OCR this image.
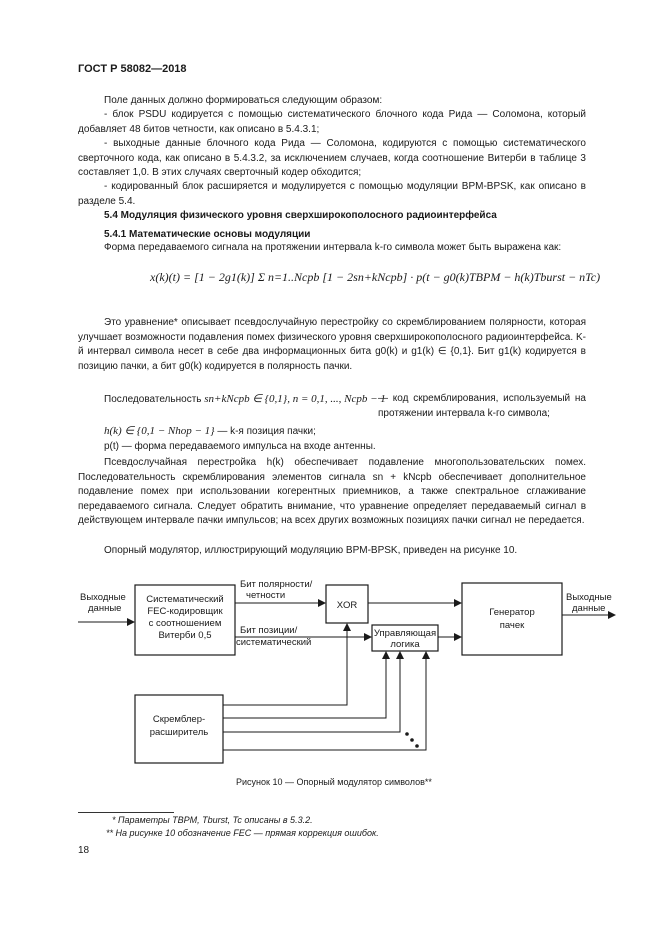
ГОСТ Р 58082—2018
Поле данных должно формироваться следующим образом:
- блок PSDU кодируется с помощью систематического блочного кода Рида — Соломона, который добавляет 48 битов четности, как описано в 5.4.3.1;
- выходные данные блочного кода Рида — Соломона, кодируются с помощью систематического сверточного кода, как описано в 5.4.3.2, за исключением случаев, когда соотношение Витерби в таблице 3 составляет 1,0. В этих случаях сверточный кодер обходится;
- кодированный блок расширяется и модулируется с помощью модуляции BPM-BPSK, как описано в разделе 5.4.
5.4 Модуляция физического уровня сверхширокополосного радиоинтерфейса
5.4.1 Математические основы модуляции
Форма передаваемого сигнала на протяжении интервала k-го символа может быть выражена как:
x(k)(t) = [1 − 2g1(k)] Σ n=1..Ncpb [1 − 2sn+kNcpb] · p(t − g0(k)TBPM − h(k)Tburst − nTc)
Это уравнение* описывает псевдослучайную перестройку со скремблированием полярности, которая улучшает возможности подавления помех физического уровня сверхширокополосного радиоинтерфейса. K-й интервал символа несет в себе два информационных бита g0(k) и g1(k) ∈ {0,1}. Бит g1(k) кодируется в позицию пачки, а бит g0(k) кодируется в полярность пачки.
Последовательность sn+kNcpb ∈ {0,1}, n = 0,1, ..., Ncpb − 1
— код скремблирования, используемый на протяжении интервала k-го символа;
h(k) ∈ {0,1 − Nhop − 1} — k-я позиция пачки;
p(t) — форма передаваемого импульса на входе антенны.
Псевдослучайная перестройка h(k) обеспечивает подавление многопользовательских помех. Последовательность скремблирования элементов сигнала sn + kNcpb обеспечивает дополнительное подавление помех при использовании когерентных приемников, а также спектральное сглаживание передаваемого сигнала. Следует обратить внимание, что уравнение определяет передаваемый сигнал в действующем интервале пачки импульсов; на всех других возможных позициях пачки сигнал не передается.
Опорный модулятор, иллюстрирующий модуляцию BPM-BPSK, приведен на рисунке 10.
Выходные
данные
Систематический
FEC-кодировщик
с соотношением
Витерби 0,5
Бит полярности/
четности
Бит позиции/
систематический
XOR
Управляющая
логика
Генератор
пачек
Выходные
данные
Скремблер-
расширитель
Рисунок 10 — Опорный модулятор символов**
* Параметры TBPM, Tburst, Tc описаны в 5.3.2.
** На рисунке 10 обозначение FEC — прямая коррекция ошибок.
18
